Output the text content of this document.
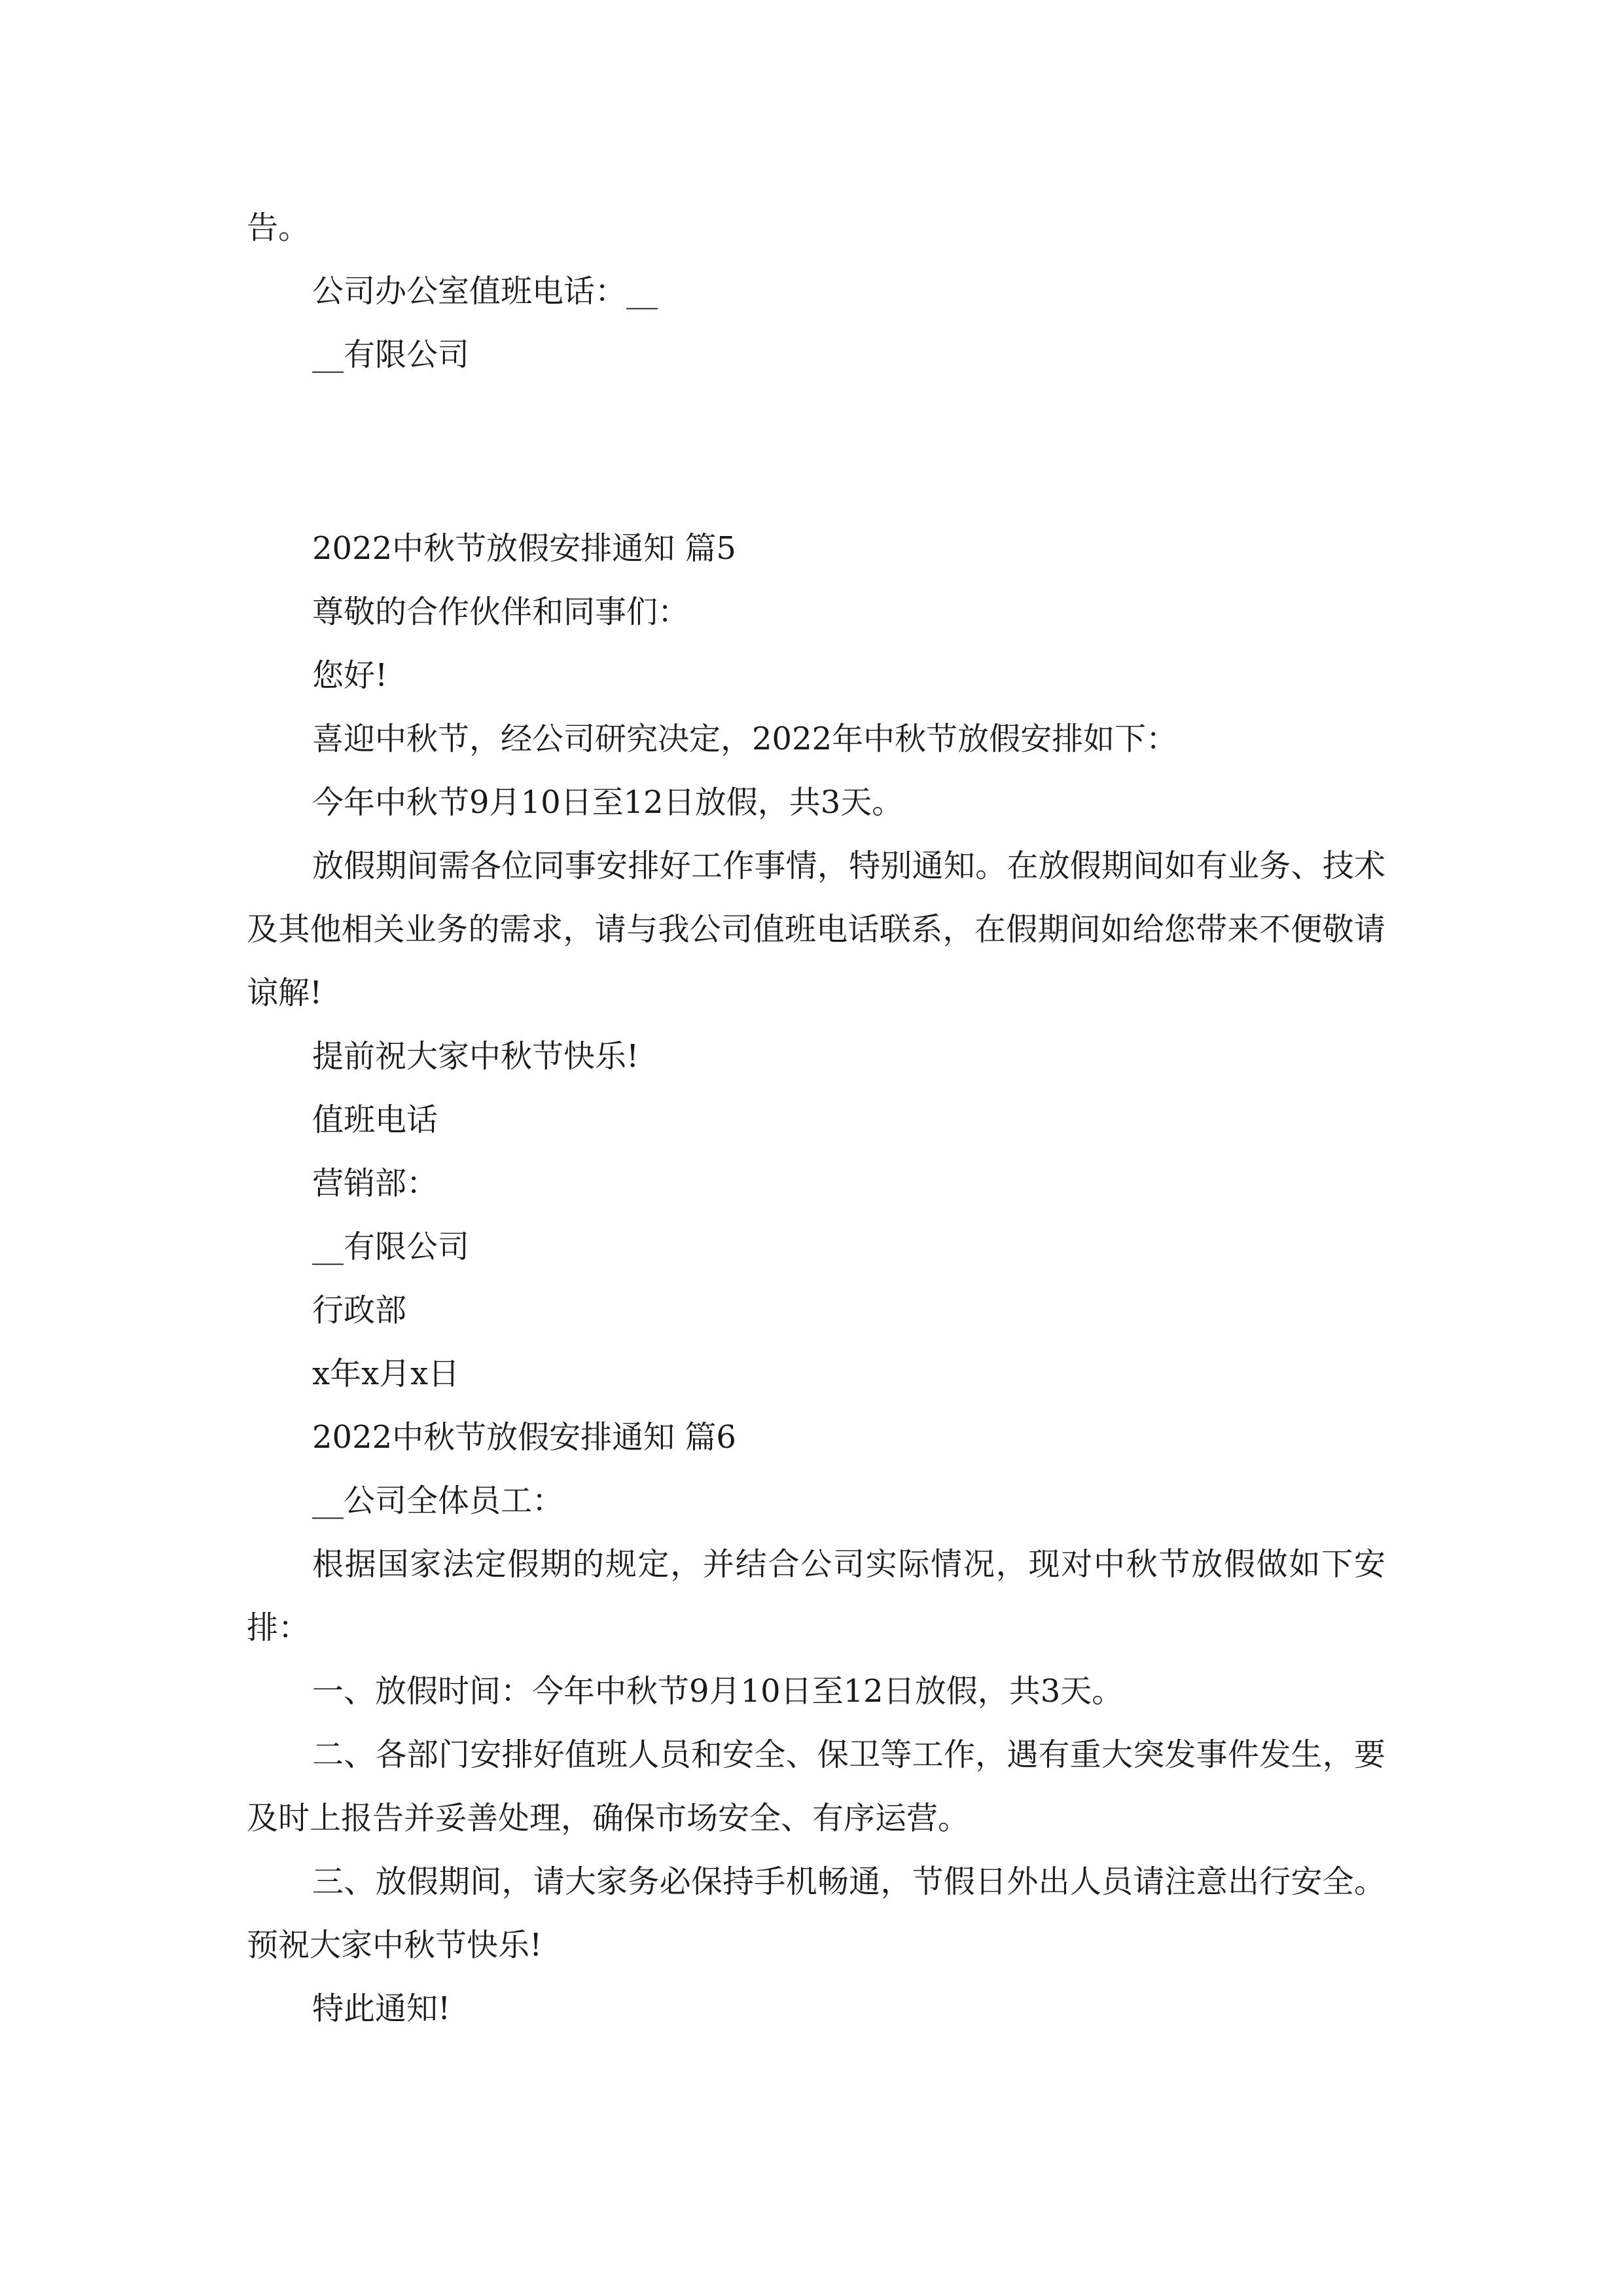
告。

公司办公室值班电话：__

__有限公司

2022中秋节放假安排通知 篇5

尊敬的合作伙伴和同事们：

您好!

喜迎中秋节，经公司研究决定，2022年中秋节放假安排如下：

今年中秋节9月10日至12日放假，共3天。

放假期间需各位同事安排好工作事情，特别通知。在放假期间如有业务、技术及其他相关业务的需求，请与我公司值班电话联系，在假期间如给您带来不便敬请谅解!

提前祝大家中秋节快乐!

值班电话

营销部：

__有限公司

行政部

x年x月x日

2022中秋节放假安排通知 篇6

__公司全体员工：

根据国家法定假期的规定，并结合公司实际情况，现对中秋节放假做如下安排：

一、放假时间：今年中秋节9月10日至12日放假，共3天。

二、各部门安排好值班人员和安全、保卫等工作，遇有重大突发事件发生，要及时上报告并妥善处理，确保市场安全、有序运营。

三、放假期间，请大家务必保持手机畅通，节假日外出人员请注意出行安全。预祝大家中秋节快乐!

特此通知!
